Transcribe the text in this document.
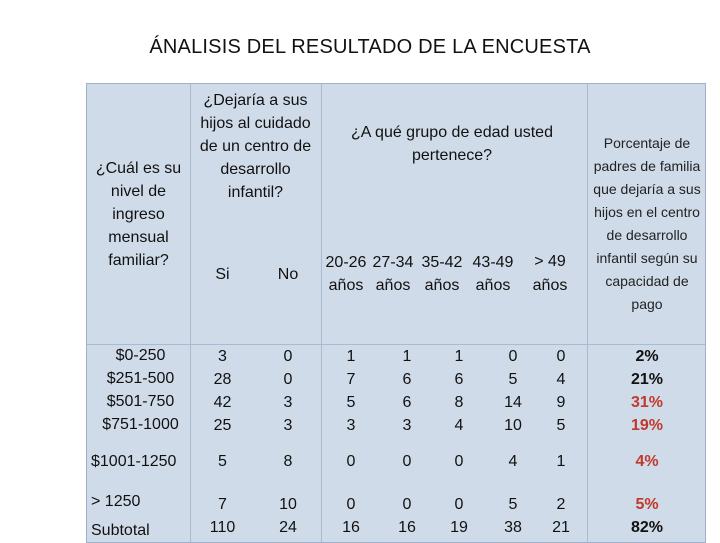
ÁNALISIS DEL RESULTADO DE LA ENCUESTA
¿Cuál es su nivel de ingreso mensual familiar?
¿Dejaría a sus hijos al cuidado de un centro de desarrollo infantil?
¿A qué grupo de edad usted pertenece?
Porcentaje de padres de familia que dejaría a sus hijos en el centro de desarrollo infantil según su capacidad de pago
Si	No
20-26 años
27-34 años
35-42 años
43-49 años
> 49 años
$0-250
$251-500
$501-750
$751-1000
$1001-1250
> 1250
Subtotal
3
28
42
25
5
7
110
0
0
3
3
8
10
24
1
7
5
3
0
0
16
1
6
6
3
0
0
16
1
6
8
4
0
0
19
0
5
14
10
4
5
38
0
4
9
5
1
2
21
2%
21%
31%
19%
4%
5%
82%
